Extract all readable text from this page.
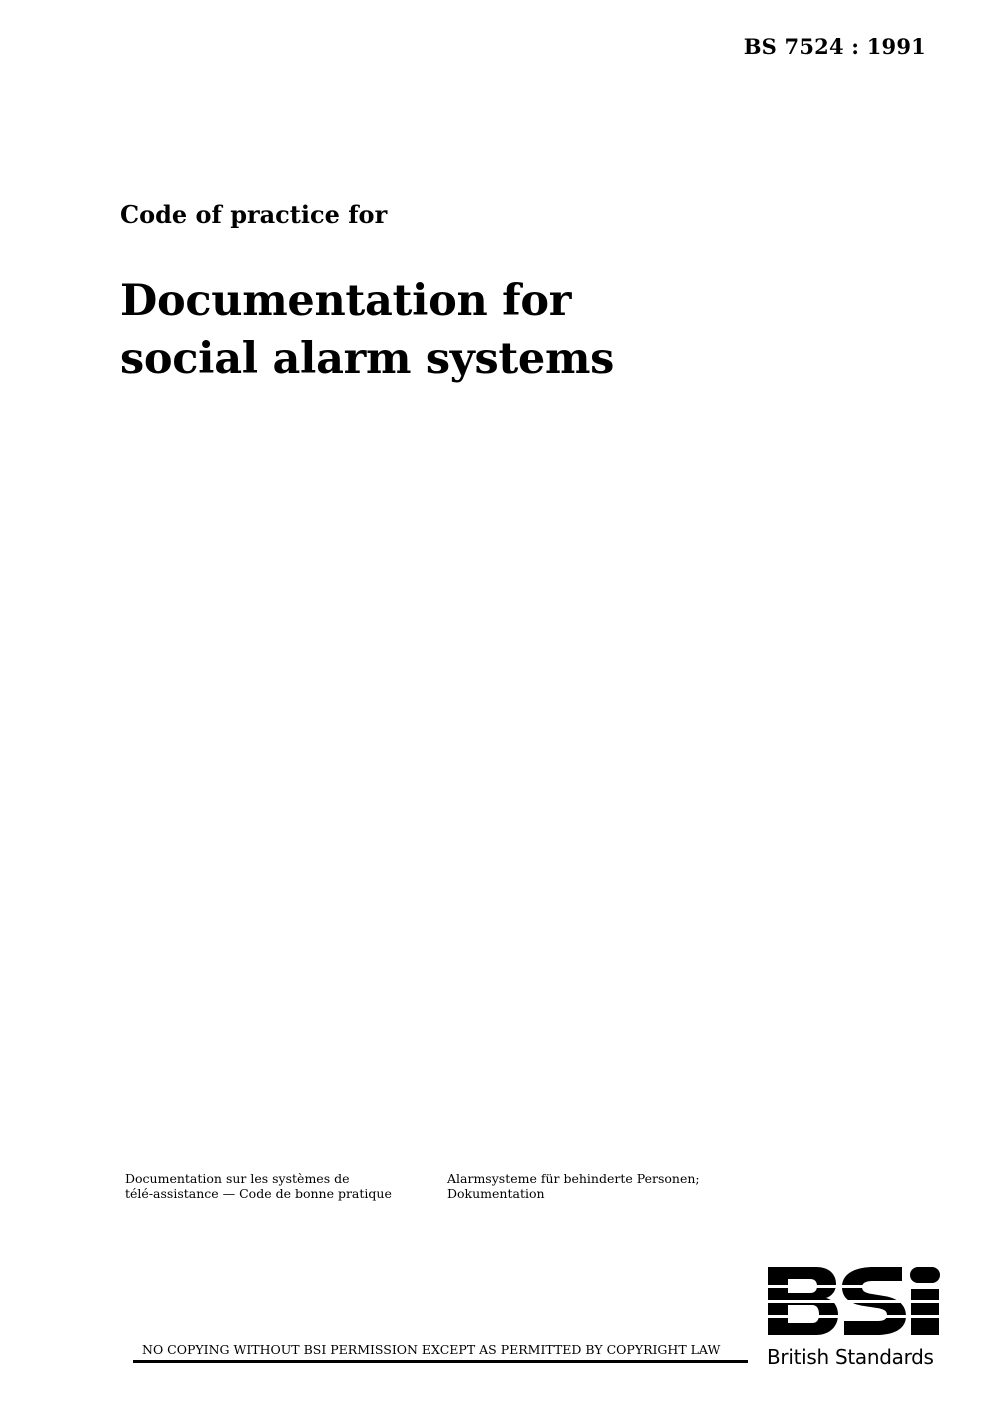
BS 7524 : 1991
Code of practice for
Documentation for
social alarm systems
Documentation sur les systèmes de
télé-assistance — Code de bonne pratique
Alarmsysteme für behinderte Personen;
Dokumentation
NO COPYING WITHOUT BSI PERMISSION EXCEPT AS PERMITTED BY COPYRIGHT LAW British Standards
